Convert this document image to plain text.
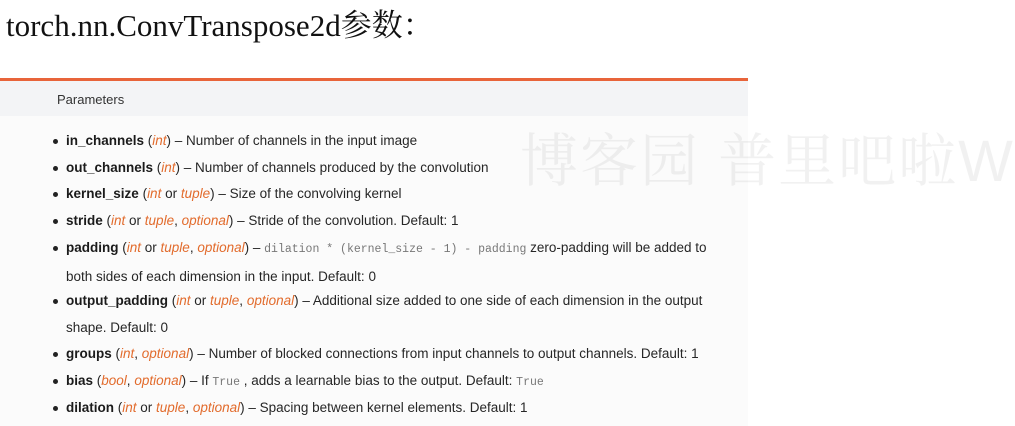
torch.nn.ConvTranspose2d参数：
Parameters
博客园 普里吧啦W
in_channels (int) – Number of channels in the input image
out_channels (int) – Number of channels produced by the convolution
kernel_size (int or tuple) – Size of the convolving kernel
stride (int or tuple, optional) – Stride of the convolution. Default: 1
padding (int or tuple, optional) – dilation * (kernel_size - 1) - padding zero-padding will be added to both sides of each dimension in the input. Default: 0
output_padding (int or tuple, optional) – Additional size added to one side of each dimension in the output shape. Default: 0
groups (int, optional) – Number of blocked connections from input channels to output channels. Default: 1
bias (bool, optional) – If True , adds a learnable bias to the output. Default: True
dilation (int or tuple, optional) – Spacing between kernel elements. Default: 1
